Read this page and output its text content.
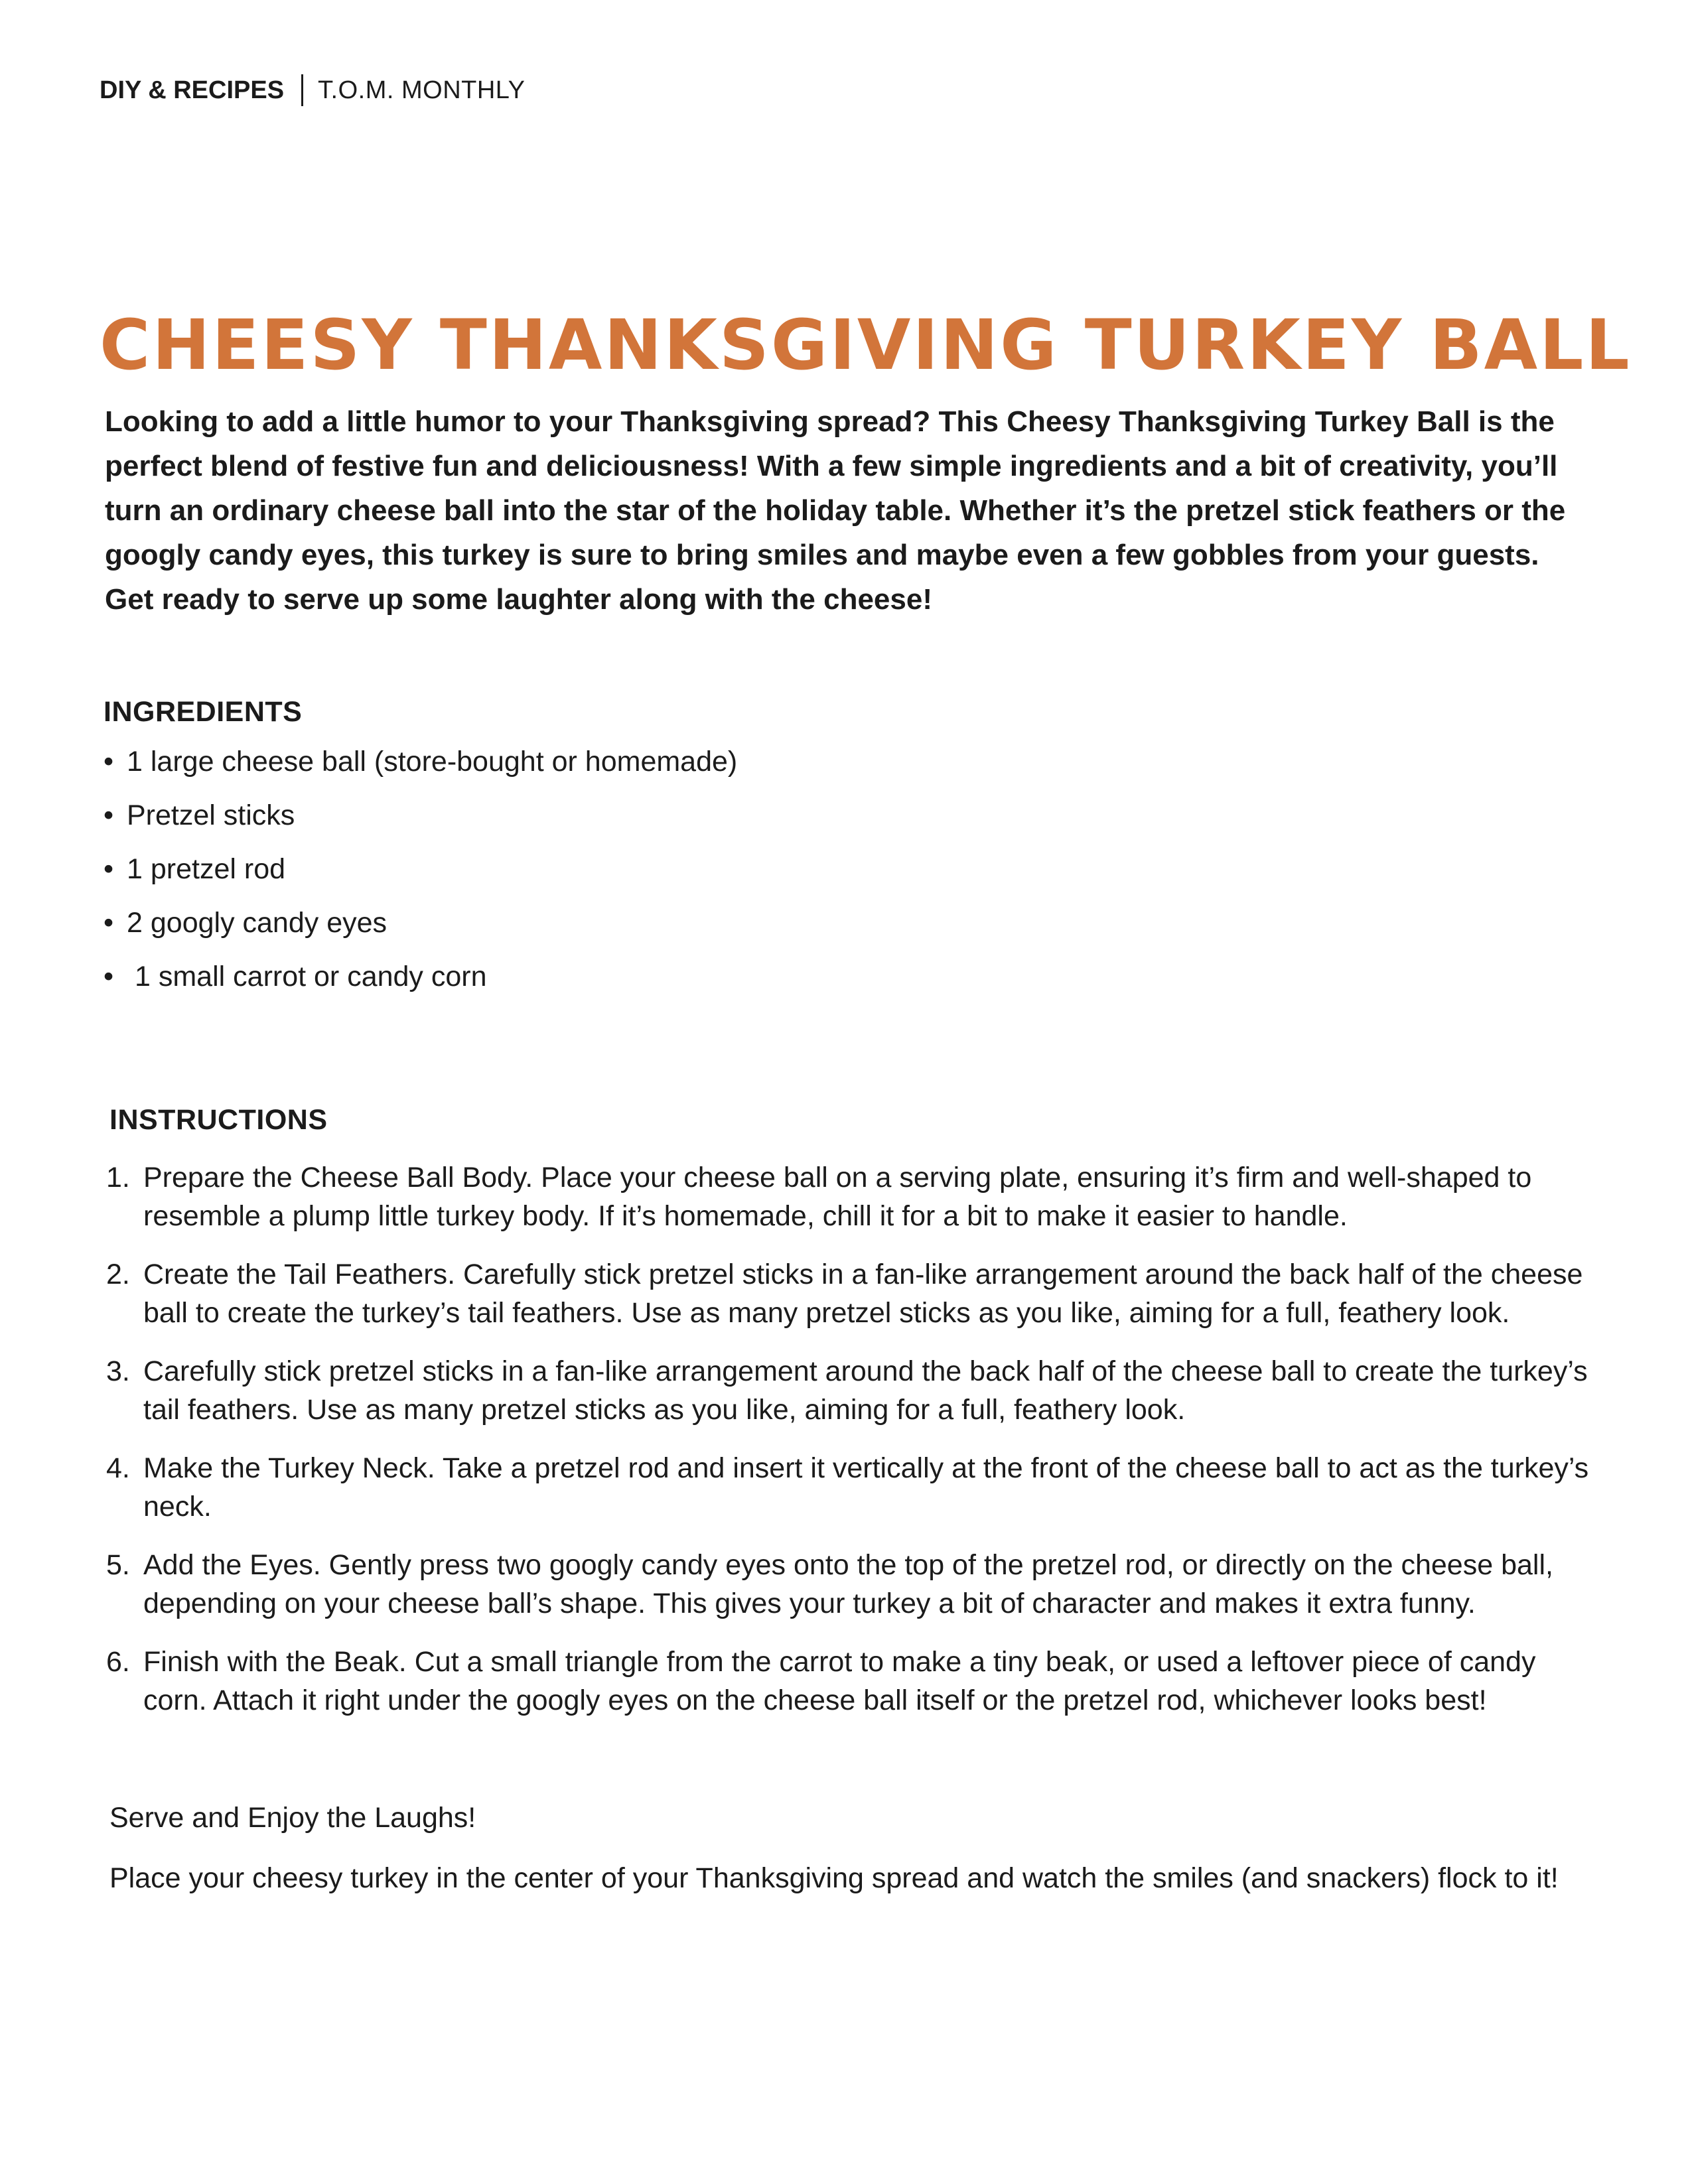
DIY & RECIPES T.O.M. MONTHLY
CHEESY THANKSGIVING TURKEY BALL

Looking to add a little humor to your Thanksgiving spread? This Cheesy Thanksgiving Turkey Ball is the perfect blend of festive fun and deliciousness! With a few simple ingredients and a bit of creativity, you’ll turn an ordinary cheese ball into the star of the holiday table. Whether it’s the pretzel stick feathers or the googly candy eyes, this turkey is sure to bring smiles and maybe even a few gobbles from your guests. Get ready to serve up some laughter along with the cheese!

INGREDIENTS
• 1 large cheese ball (store-bought or homemade)
• Pretzel sticks
• 1 pretzel rod
• 2 googly candy eyes
• 1 small carrot or candy corn
INSTRUCTIONS
1. Prepare the Cheese Ball Body. Place your cheese ball on a serving plate, ensuring it’s firm and well-shaped to resemble a plump little turkey body. If it’s homemade, chill it for a bit to make it easier to handle.
2. Create the Tail Feathers. Carefully stick pretzel sticks in a fan-like arrangement around the back half of the cheese ball to create the turkey’s tail feathers. Use as many pretzel sticks as you like, aiming for a full, feathery look.
3. Carefully stick pretzel sticks in a fan-like arrangement around the back half of the cheese ball to create the turkey’s tail feathers. Use as many pretzel sticks as you like, aiming for a full, feathery look.
4. Make the Turkey Neck. Take a pretzel rod and insert it vertically at the front of the cheese ball to act as the turkey’s neck.
5. Add the Eyes. Gently press two googly candy eyes onto the top of the pretzel rod, or directly on the cheese ball, depending on your cheese ball’s shape. This gives your turkey a bit of character and makes it extra funny.
6. Finish with the Beak. Cut a small triangle from the carrot to make a tiny beak, or used a leftover piece of candy corn. Attach it right under the googly eyes on the cheese ball itself or the pretzel rod, whichever looks best!

Serve and Enjoy the Laughs!

Place your cheesy turkey in the center of your Thanksgiving spread and watch the smiles (and snackers) flock to it!
